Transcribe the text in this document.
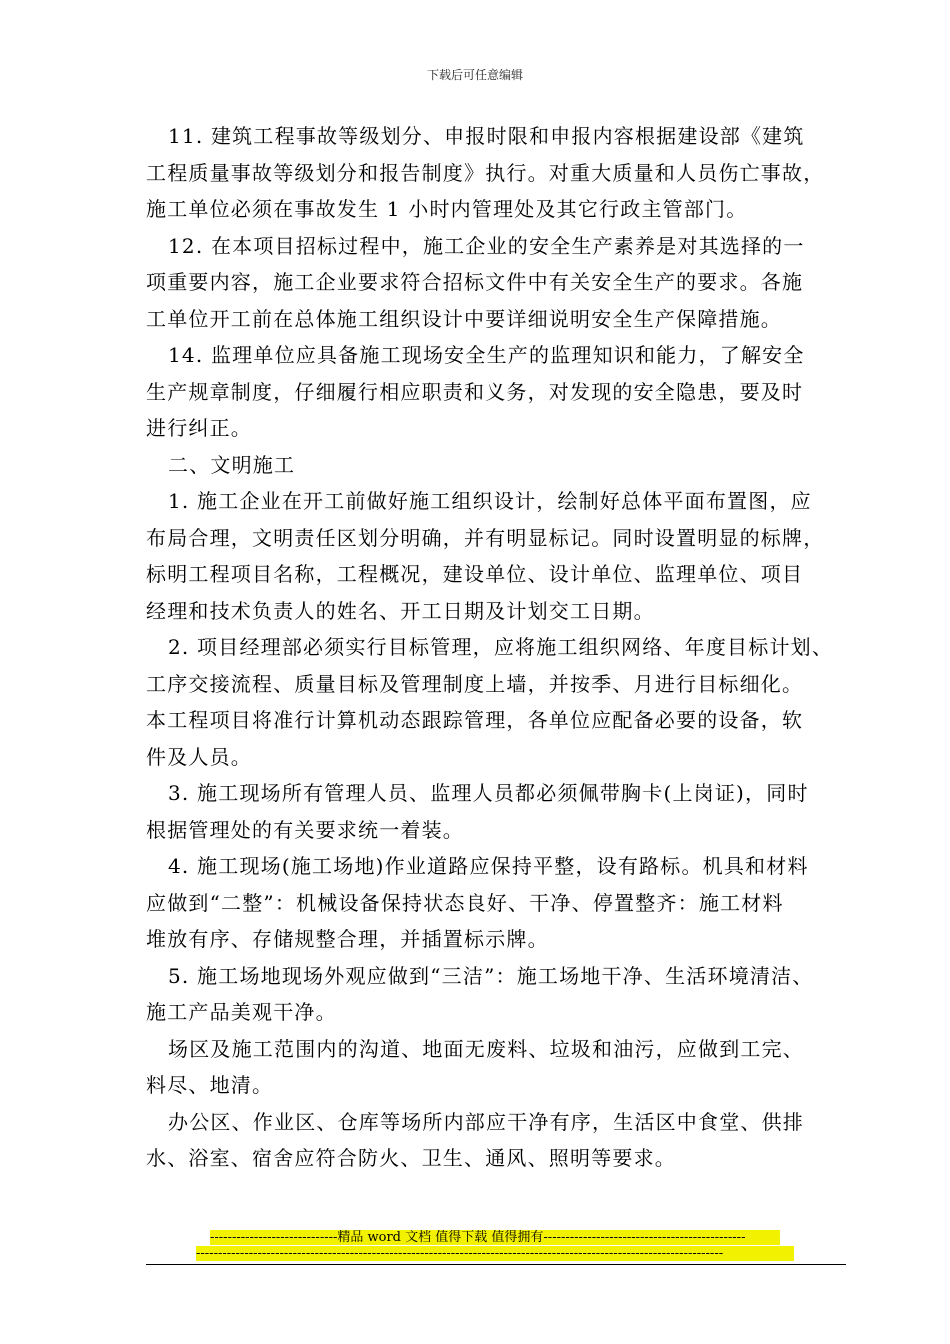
下载后可任意编辑
11. 建筑工程事故等级划分、申报时限和申报内容根据建设部《建筑
工程质量事故等级划分和报告制度》执行。对重大质量和人员伤亡事故，
施工单位必须在事故发生 1 小时内管理处及其它行政主管部门。
12. 在本项目招标过程中，施工企业的安全生产素养是对其选择的一
项重要内容，施工企业要求符合招标文件中有关安全生产的要求。各施
工单位开工前在总体施工组织设计中要详细说明安全生产保障措施。
14. 监理单位应具备施工现场安全生产的监理知识和能力，了解安全
生产规章制度，仔细履行相应职责和义务，对发现的安全隐患，要及时
进行纠正。
二、文明施工
1. 施工企业在开工前做好施工组织设计，绘制好总体平面布置图，应
布局合理，文明责任区划分明确，并有明显标记。同时设置明显的标牌，
标明工程项目名称，工程概况，建设单位、设计单位、监理单位、项目
经理和技术负责人的姓名、开工日期及计划交工日期。
2. 项目经理部必须实行目标管理，应将施工组织网络、年度目标计划、
工序交接流程、质量目标及管理制度上墙，并按季、月进行目标细化。
本工程项目将准行计算机动态跟踪管理，各单位应配备必要的设备，软
件及人员。
3. 施工现场所有管理人员、监理人员都必须佩带胸卡(上岗证)，同时
根据管理处的有关要求统一着装。
4. 施工现场(施工场地)作业道路应保持平整，设有路标。机具和材料
应做到“二整”：机械设备保持状态良好、干净、停置整齐：施工材料
堆放有序、存储规整合理，并插置标示牌。
5. 施工场地现场外观应做到“三洁”：施工场地干净、生活环境清洁、
施工产品美观干净。
场区及施工范围内的沟道、地面无废料、垃圾和油污，应做到工完、
料尽、地清。
办公区、作业区、仓库等场所内部应干净有序，生活区中食堂、供排
水、浴室、宿舍应符合防火、卫生、通风、照明等要求。
-----------------------------精品 word 文档 值得下载 值得拥有----------------------------------------------
------------------------------------------------------------------------------------------------------------------------
